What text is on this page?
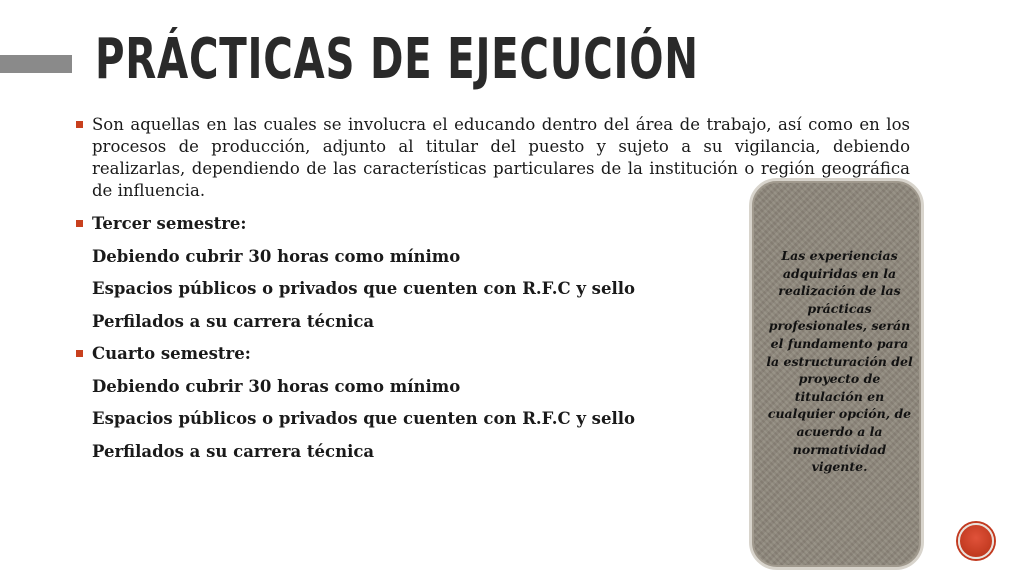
PRÁCTICAS DE EJECUCIÓN

Son aquellas en las cuales se involucra el educando dentro del área de trabajo, así como en los procesos de producción, adjunto al titular del puesto y sujeto a su vigilancia, debiendo realizarlas, dependiendo de las características particulares de la institución o región geográfica de influencia.

Tercer semestre:
Debiendo cubrir 30 horas como mínimo
Espacios públicos o privados que cuenten con R.F.C y sello
Perfilados a su carrera técnica
Cuarto semestre:
Debiendo cubrir 30 horas como mínimo
Espacios públicos o privados que cuenten con R.F.C y sello
Perfilados a su carrera técnica

Las experiencias adquiridas en la realización de las prácticas profesionales, serán el fundamento para la estructuración del proyecto de titulación en cualquier opción, de acuerdo a la normatividad vigente.
